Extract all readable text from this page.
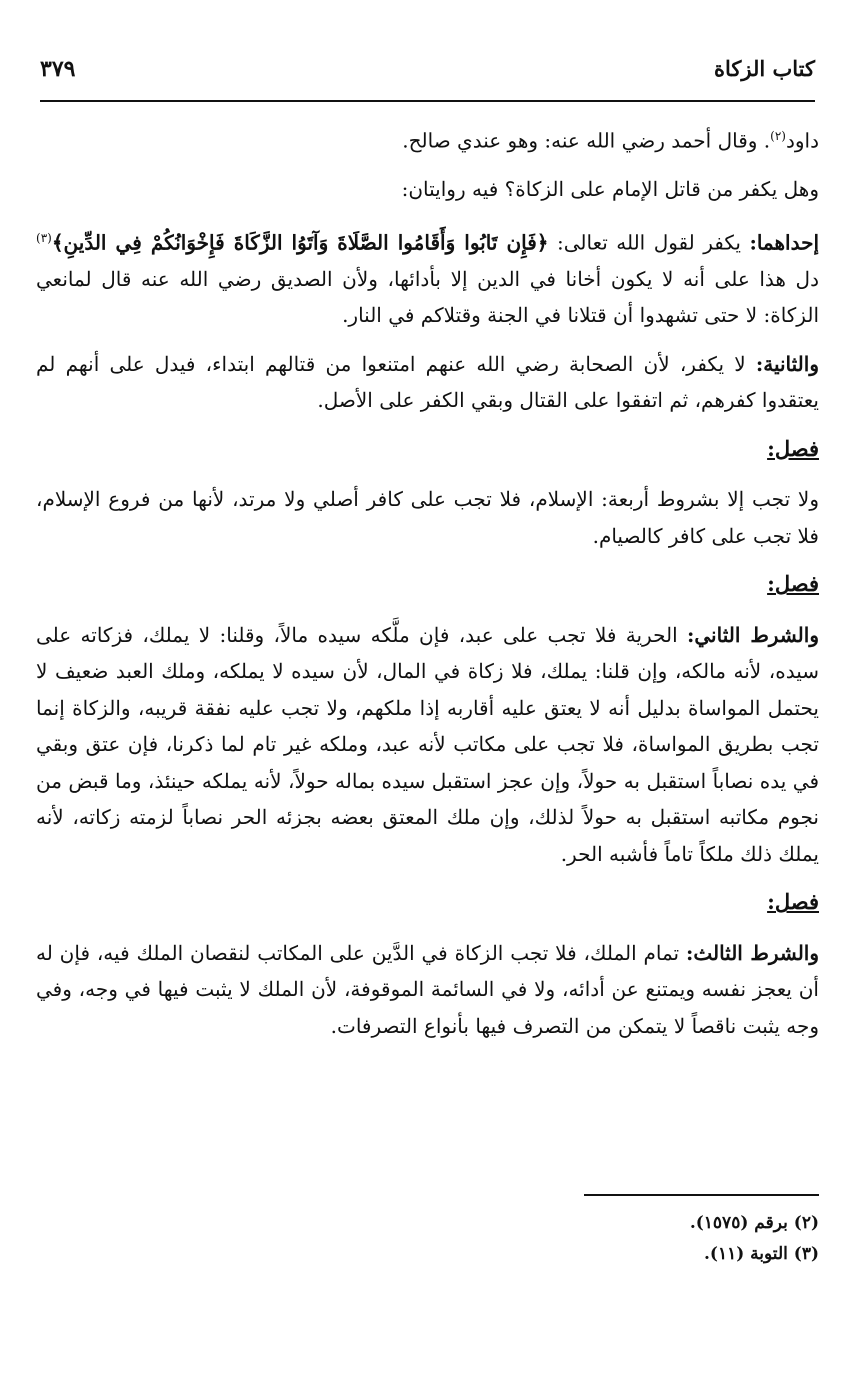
كتاب الزكاة
٣٧٩

داود$^{(٢)}$. وقال أحمد رضي الله عنه: وهو عندي صالح.

وهل يكفر من قاتل الإمام على الزكاة؟ فيه روايتان:

إحداهما: يكفر لقول الله تعالى: ﴿فَإِن تَابُوا وَأَقَامُوا الصَّلَاةَ وَآتَوُا الزَّكَاةَ فَإِخْوَانُكُمْ فِي الدِّينِ﴾$^{(٣)}$ دل هذا على أنه لا يكون أخانا في الدين إلا بأدائها، ولأن الصديق رضي الله عنه قال لمانعي الزكاة: لا حتى تشهدوا أن قتلانا في الجنة وقتلاكم في النار.

والثانية: لا يكفر، لأن الصحابة رضي الله عنهم امتنعوا من قتالهم ابتداء، فيدل على أنهم لم يعتقدوا كفرهم، ثم اتفقوا على القتال وبقي الكفر على الأصل.

فصل:

ولا تجب إلا بشروط أربعة: الإسلام، فلا تجب على كافر أصلي ولا مرتد، لأنها من فروع الإسلام، فلا تجب على كافر كالصيام.

فصل:

والشرط الثاني: الحرية فلا تجب على عبد، فإن ملَّكه سيده مالاً، وقلنا: لا يملك، فزكاته على سيده، لأنه مالكه، وإن قلنا: يملك، فلا زكاة في المال، لأن سيده لا يملكه، وملك العبد ضعيف لا يحتمل المواساة بدليل أنه لا يعتق عليه أقاربه إذا ملكهم، ولا تجب عليه نفقة قريبه، والزكاة إنما تجب بطريق المواساة، فلا تجب على مكاتب لأنه عبد، وملكه غير تام لما ذكرنا، فإن عتق وبقي في يده نصاباً استقبل به حولاً، وإن عجز استقبل سيده بماله حولاً، لأنه يملكه حينئذ، وما قبض من نجوم مكاتبه استقبل به حولاً لذلك، وإن ملك المعتق بعضه بجزئه الحر نصاباً لزمته زكاته، لأنه يملك ذلك ملكاً تاماً فأشبه الحر.

فصل:

والشرط الثالث: تمام الملك، فلا تجب الزكاة في الدَّين على المكاتب لنقصان الملك فيه، فإن له أن يعجز نفسه ويمتنع عن أدائه، ولا في السائمة الموقوفة، لأن الملك لا يثبت فيها في وجه، وفي وجه يثبت ناقصاً لا يتمكن من التصرف فيها بأنواع التصرفات.

(٢) برقم (١٥٧٥).
(٣) التوبة (١١).
